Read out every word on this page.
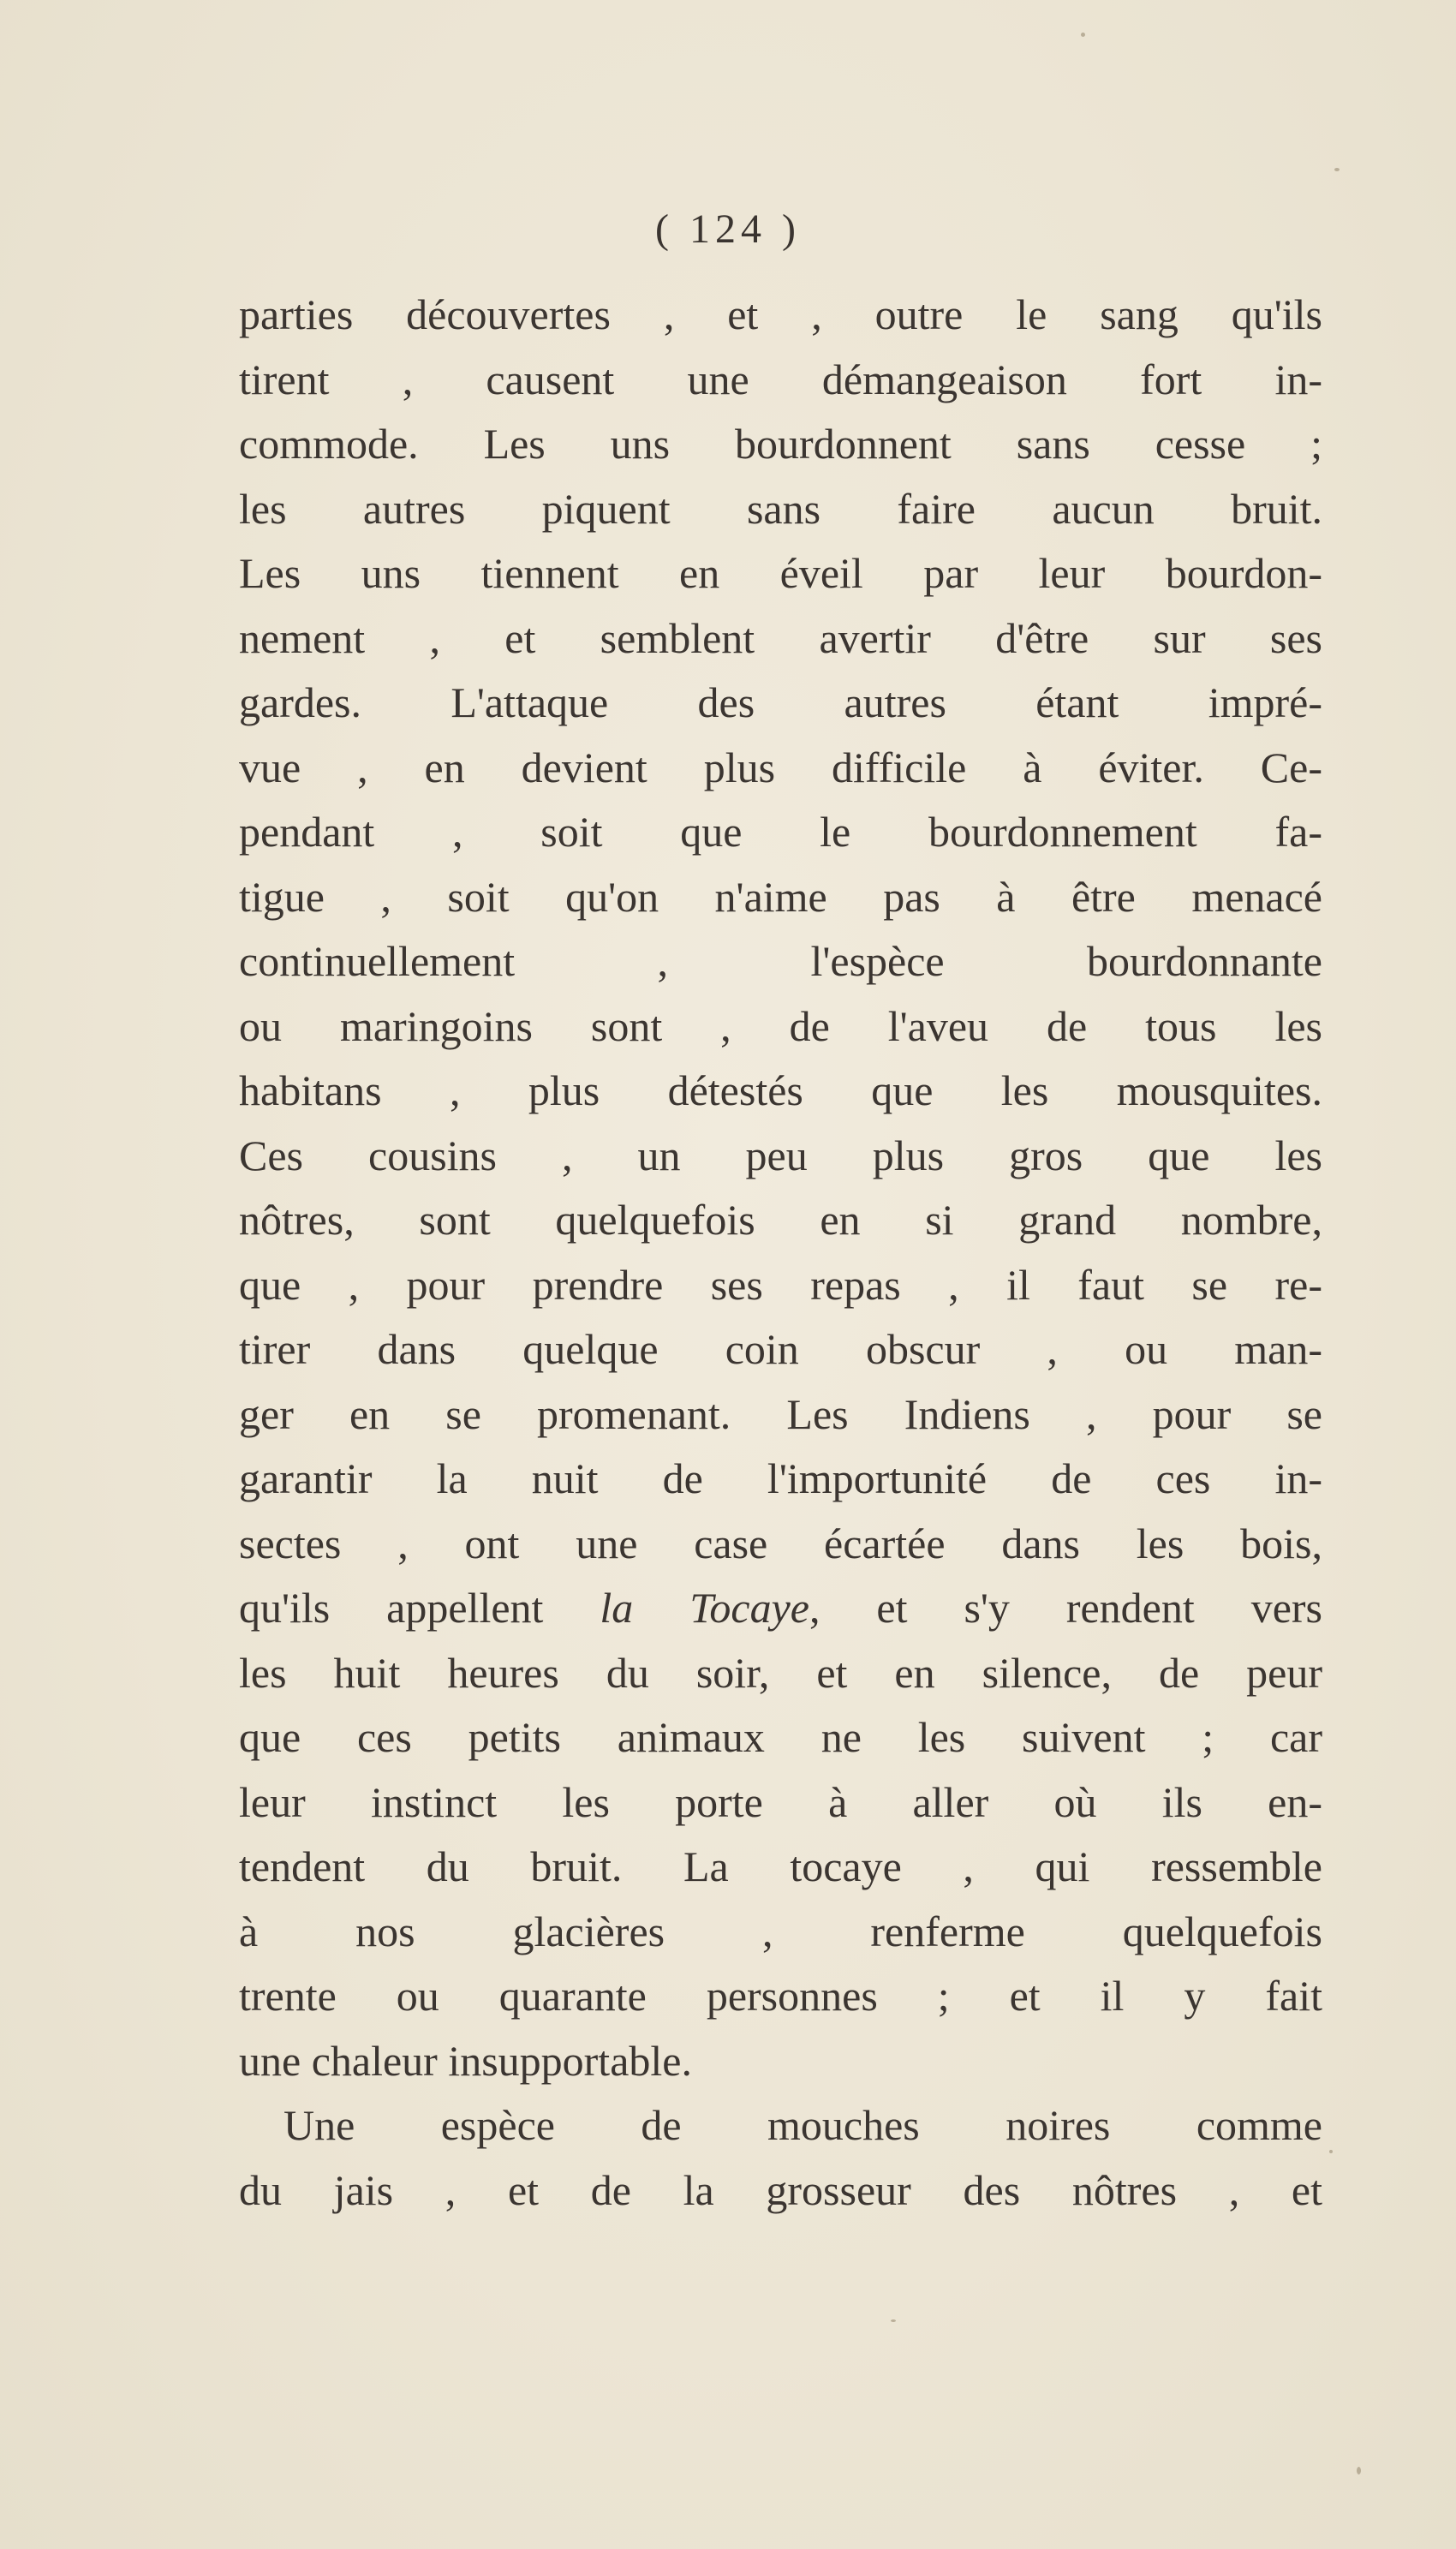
( 124 )
parties découvertes , et , outre le sang qu'ils
tirent , causent une démangeaison fort in-
commode. Les uns bourdonnent sans cesse ;
les autres piquent sans faire aucun bruit.
Les uns tiennent en éveil par leur bourdon-
nement , et semblent avertir d'être sur ses
gardes. L'attaque des autres étant impré-
vue , en devient plus difficile à éviter. Ce-
pendant , soit que le bourdonnement fa-
tigue , soit qu'on n'aime pas à être menacé
continuellement , l'espèce bourdonnante
ou maringoins sont , de l'aveu de tous les
habitans , plus détestés que les mousquites.
Ces cousins , un peu plus gros que les
nôtres, sont quelquefois en si grand nombre,
que , pour prendre ses repas , il faut se re-
tirer dans quelque coin obscur , ou man-
ger en se promenant. Les Indiens , pour se
garantir la nuit de l'importunité de ces in-
sectes , ont une case écartée dans les bois,
qu'ils appellent la Tocaye, et s'y rendent vers
les huit heures du soir, et en silence, de peur
que ces petits animaux ne les suivent ; car
leur instinct les porte à aller où ils en-
tendent du bruit. La tocaye , qui ressemble
à nos glacières , renferme quelquefois
trente ou quarante personnes ; et il y fait
une chaleur insupportable.
Une espèce de mouches noires comme
du jais , et de la grosseur des nôtres , et
